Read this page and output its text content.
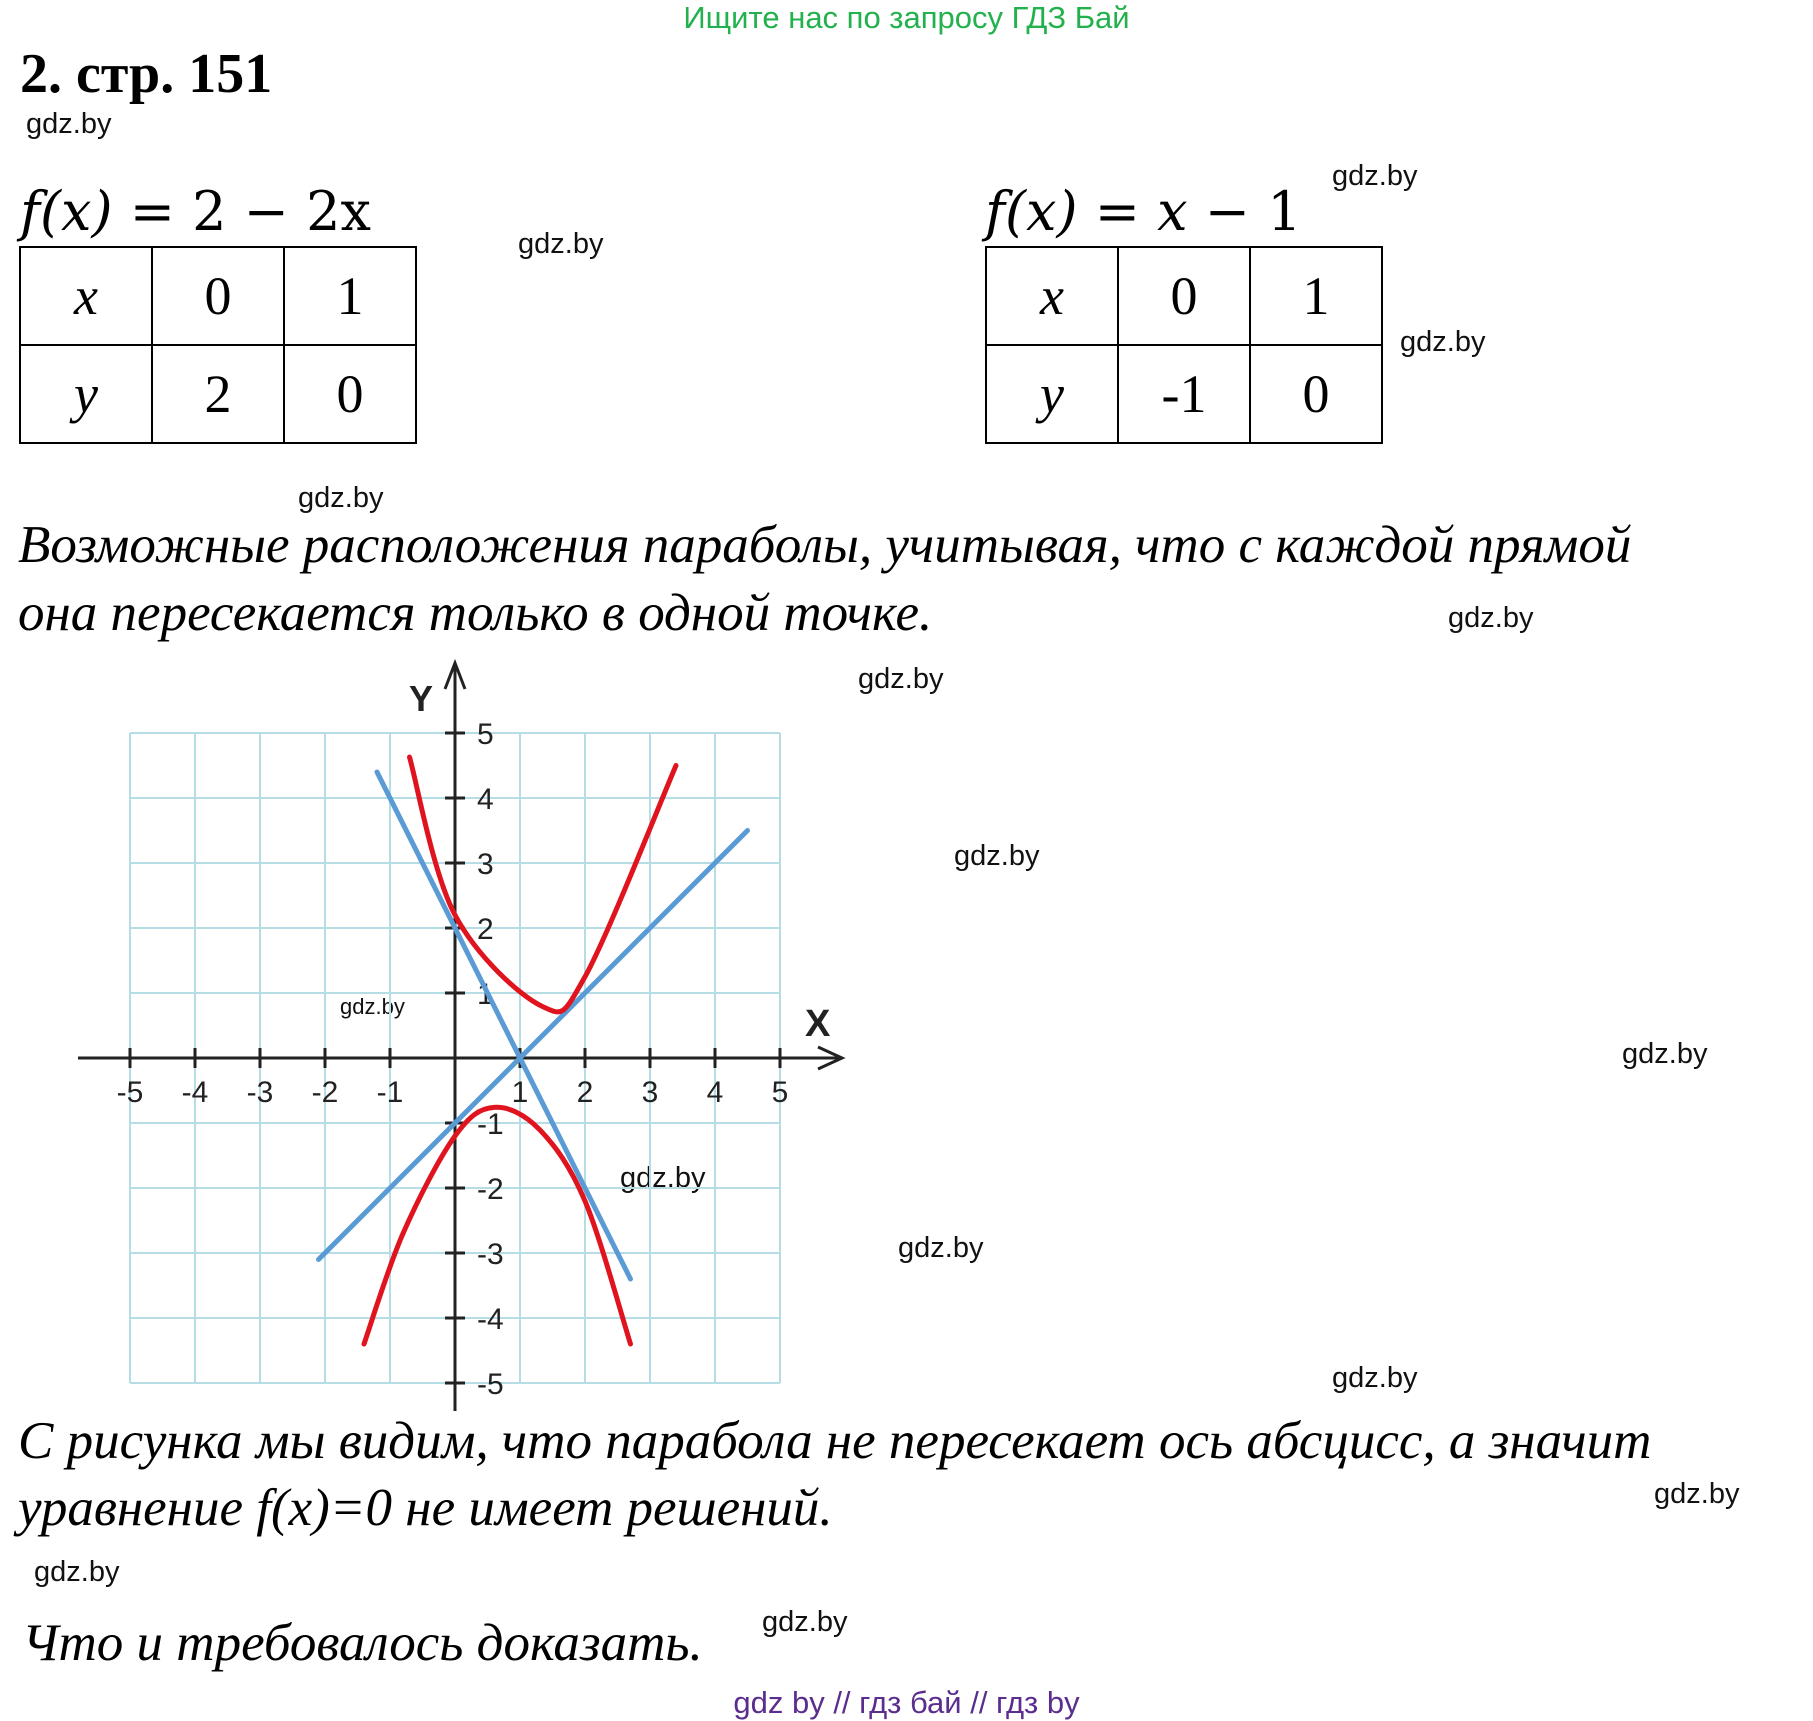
Ищите нас по запросу ГДЗ Бай
2. стр. 151
gdz.by
gdz.by
gdz.by
gdz.by
gdz.by
gdz.by
gdz.by
gdz.by
gdz.by
gdz.by
gdz.by
gdz.by
gdz.by
gdz.by
gdz.by
gdz.by
f(x) = 2 − 2x
x	0	1
y	2	0
f(x) = x − 1
x	0	1
y	-1	0
Возможные расположения параболы, учитывая, что с каждой прямой
она пересекается только в одной точке.
X
Y
-5 -4 -3 -2 -1	1 2 3 4 5
5
4
3
2
1
-1
-2
-3
-4
-5
С рисунка мы видим, что парабола не пересекает ось абсцисс, а значит
уравнение f(x)=0 не имеет решений.
Что и требовалось доказать.
gdz by // гдз бай // гдз by
